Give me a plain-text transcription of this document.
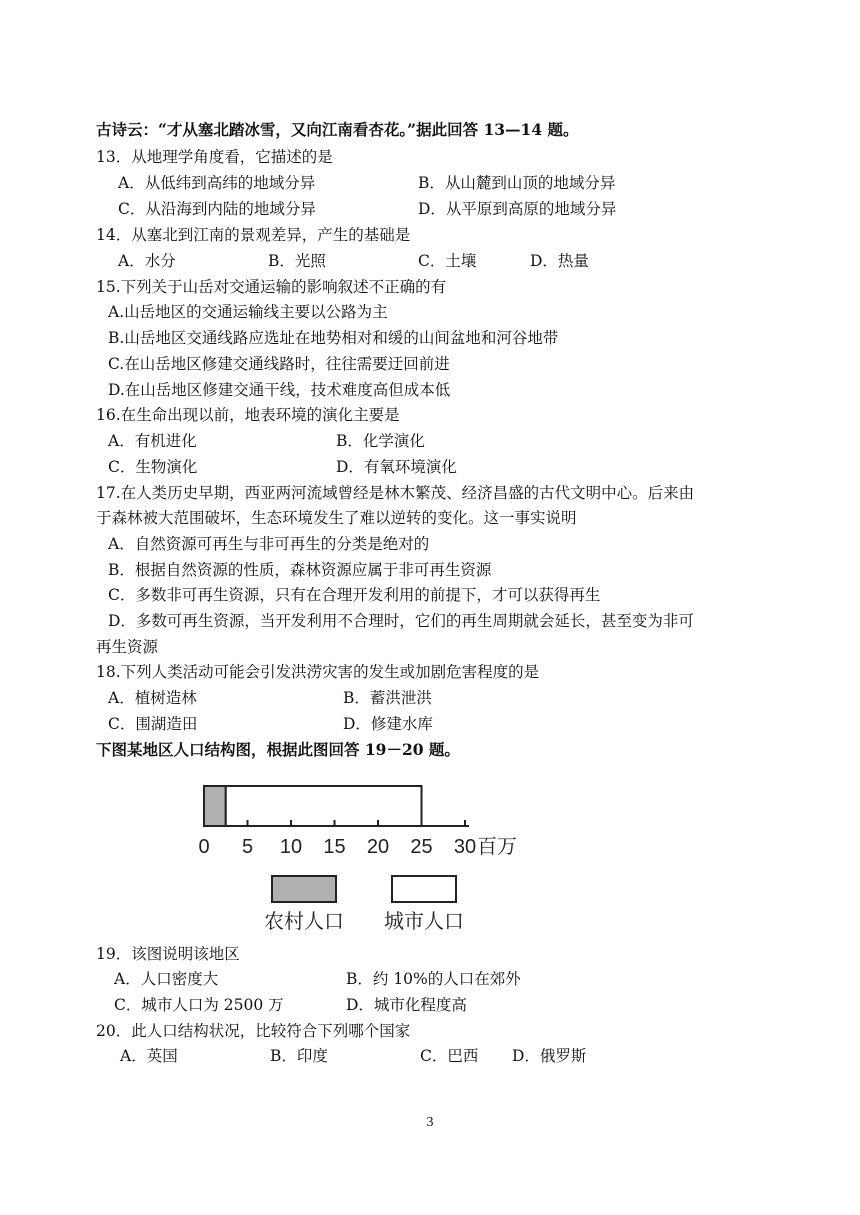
古诗云：“才从塞北踏冰雪，又向江南看杏花。”据此回答 13—14 题。
13．从地理学角度看，它描述的是
A．从低纬到高纬的地域分异	B．从山麓到山顶的地域分异
C．从沿海到内陆的地域分异	D．从平原到高原的地域分异
14．从塞北到江南的景观差异，产生的基础是
A．水分	B．光照	C．土壤	D．热量
15.下列关于山岳对交通运输的影响叙述不正确的有
A.山岳地区的交通运输线主要以公路为主
B.山岳地区交通线路应选址在地势相对和缓的山间盆地和河谷地带
C.在山岳地区修建交通线路时，往往需要迂回前进
D.在山岳地区修建交通干线，技术难度高但成本低
16.在生命出现以前，地表环境的演化主要是
A．有机进化	B．化学演化
C．生物演化	D．有氧环境演化
17.在人类历史早期，西亚两河流域曾经是林木繁茂、经济昌盛的古代文明中心。后来由
于森林被大范围破坏，生态环境发生了难以逆转的变化。这一事实说明
A．自然资源可再生与非可再生的分类是绝对的
B．根据自然资源的性质，森林资源应属于非可再生资源
C．多数非可再生资源，只有在合理开发利用的前提下，才可以获得再生
D．多数可再生资源，当开发利用不合理时，它们的再生周期就会延长，甚至变为非可
再生资源
18.下列人类活动可能会引发洪涝灾害的发生或加剧危害程度的是
A．植树造林	B．蓄洪泄洪
C．围湖造田	D．修建水库
下图某地区人口结构图，根据此图回答 19－20 题。
0 5 10 15 20 25 30 百万
农村人口 城市人口
19．该图说明该地区
A．人口密度大	B．约 10%的人口在郊外
C．城市人口为 2500 万	D．城市化程度高
20．此人口结构状况，比较符合下列哪个国家
A．英国	B．印度	C．巴西 D．俄罗斯
3
